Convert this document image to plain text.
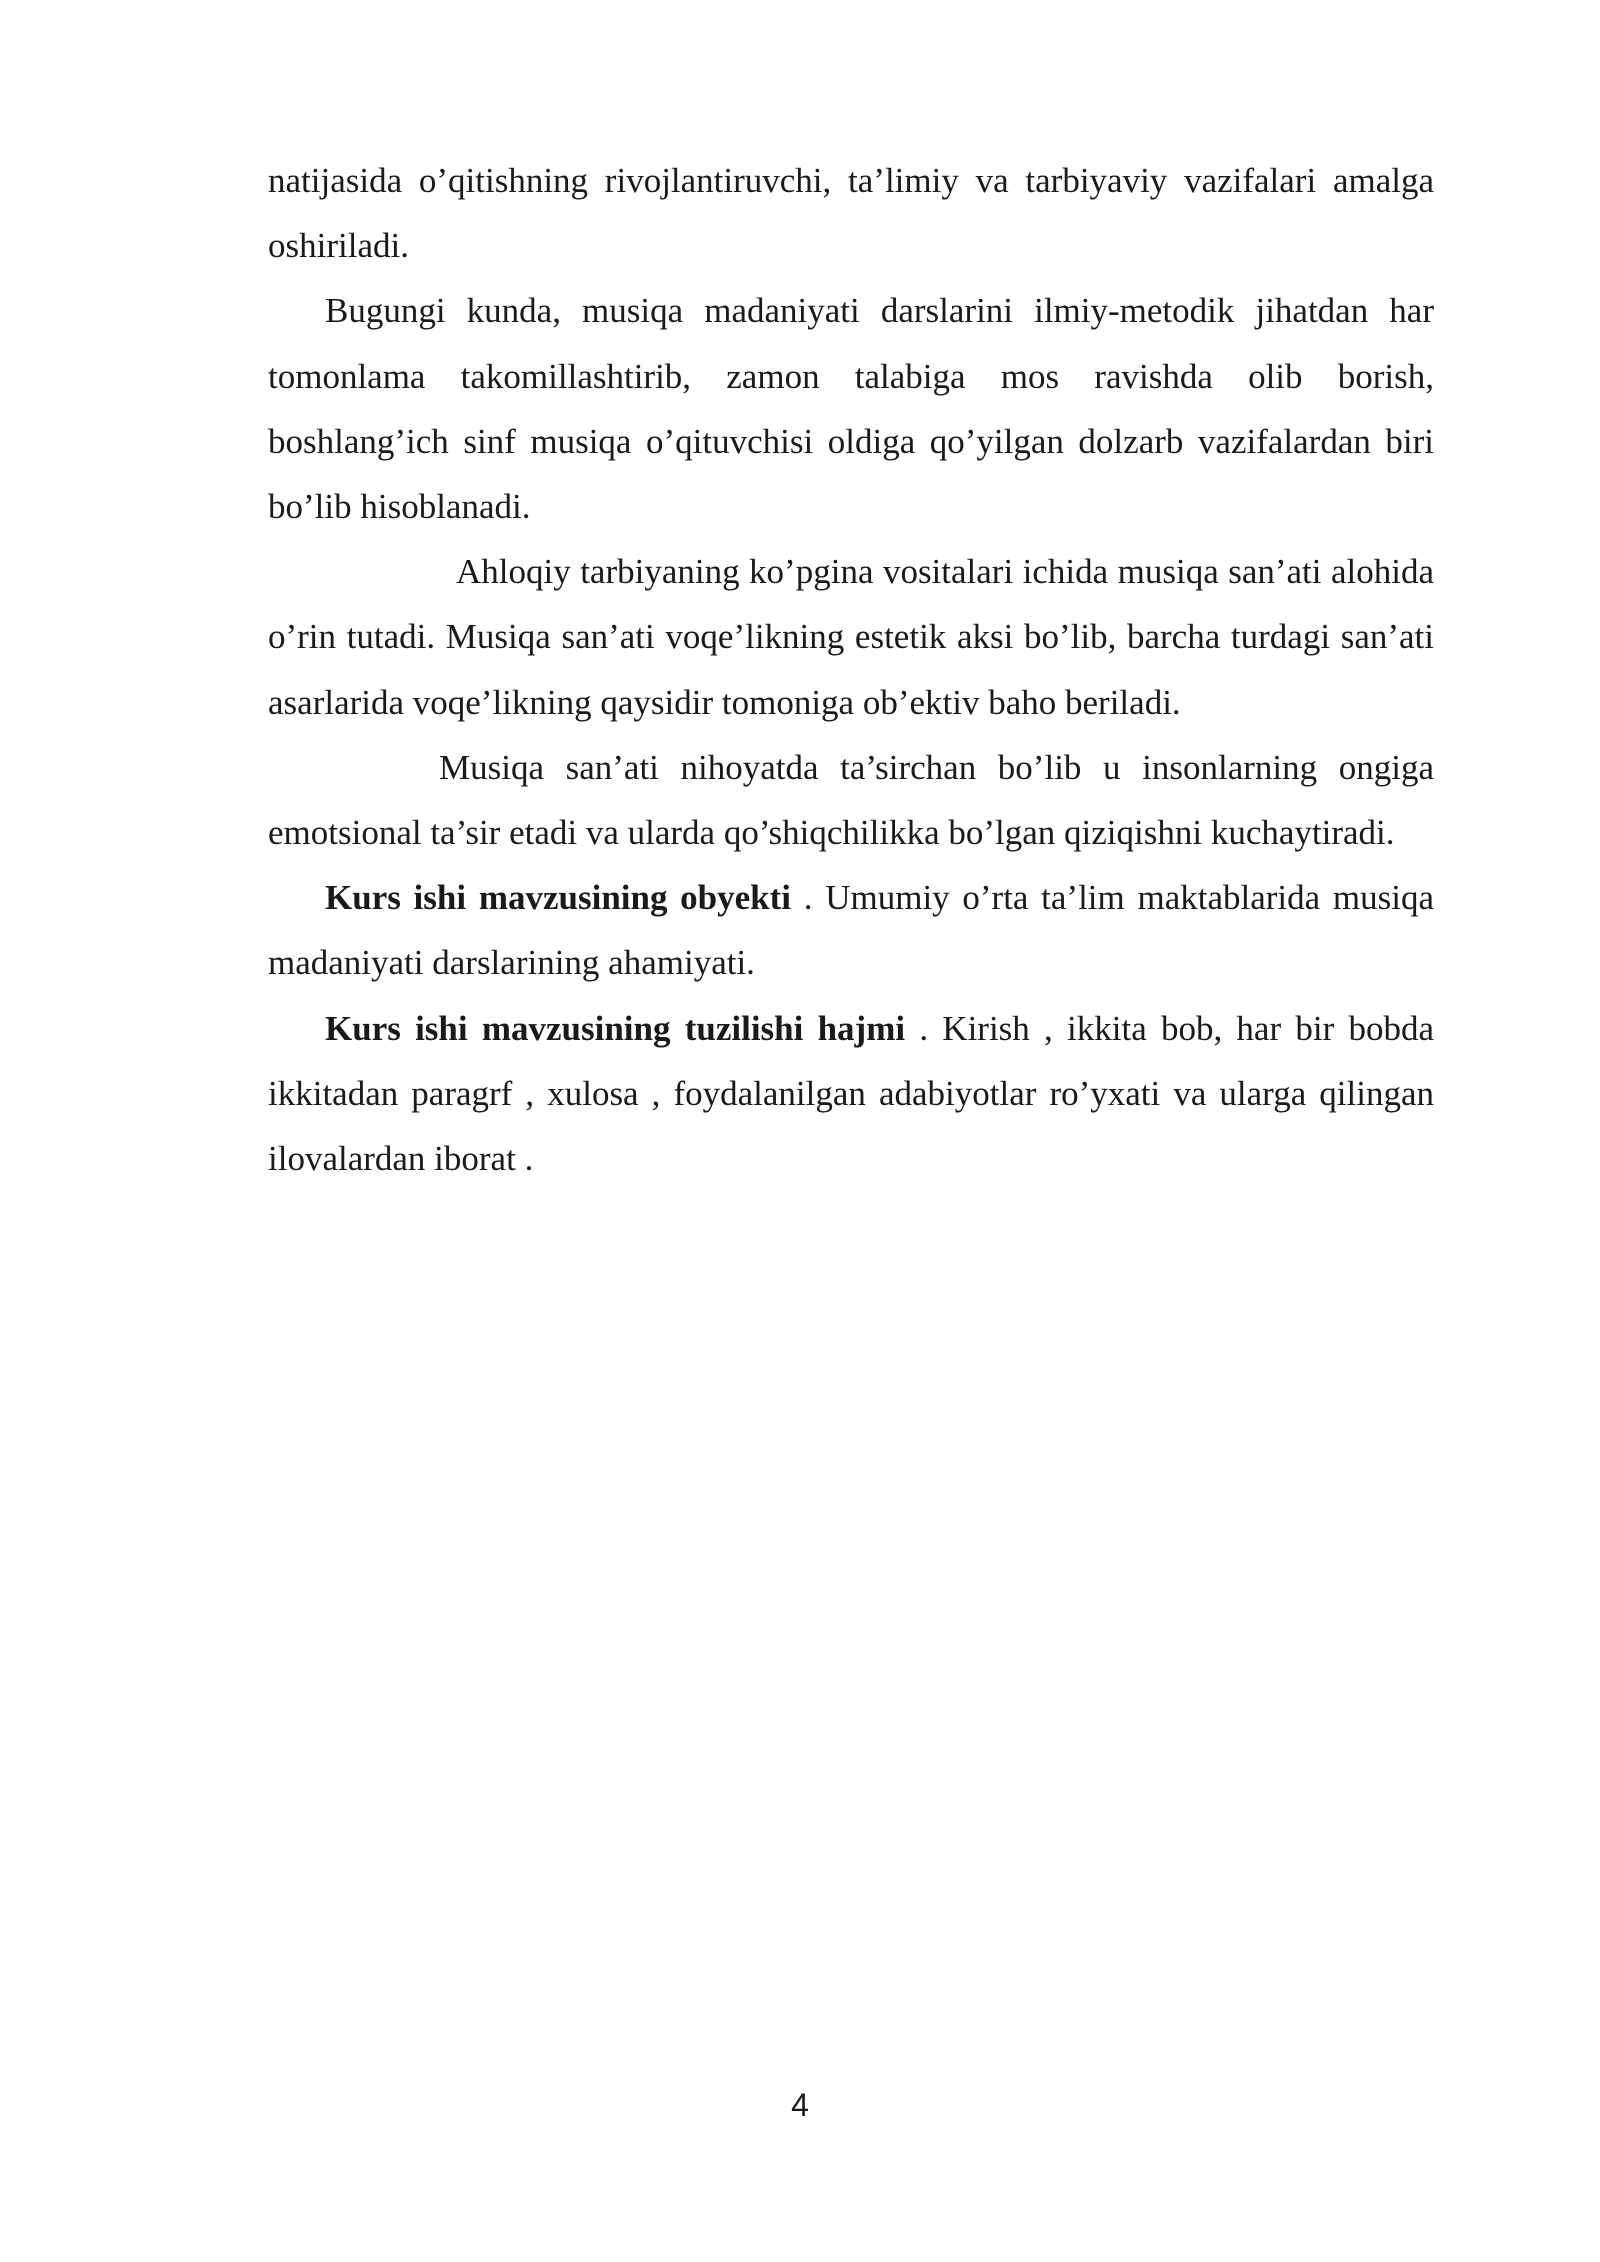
natijasida o’qitishning rivojlantiruvchi, ta’limiy va tarbiyaviy vazifalari amalga oshiriladi.

Bugungi kunda, musiqa madaniyati darslarini ilmiy-metodik jihatdan har tomonlama takomillashtirib, zamon talabiga mos ravishda olib borish, boshlang’ich sinf musiqa o’qituvchisi oldiga qo’yilgan dolzarb vazifalardan biri bo’lib hisoblanadi.

Ahloqiy tarbiyaning ko’pgina vositalari ichida musiqa san’ati alohida o’rin tutadi. Musiqa san’ati voqe’likning estetik aksi bo’lib, barcha turdagi san’ati asarlarida voqe’likning qaysidir tomoniga ob’ektiv baho beriladi.

Musiqa san’ati nihoyatda ta’sirchan bo’lib u insonlarning ongiga emotsional ta’sir etadi va ularda qo’shiqchilikka bo’lgan qiziqishni kuchaytiradi.

Kurs ishi mavzusining obyekti . Umumiy o’rta ta’lim maktablarida musiqa madaniyati darslarining ahamiyati.

Kurs ishi mavzusining tuzilishi hajmi . Kirish , ikkita bob, har bir bobda ikkitadan paragrf , xulosa , foydalanilgan adabiyotlar ro’yxati va ularga qilingan ilovalardan iborat .

4
